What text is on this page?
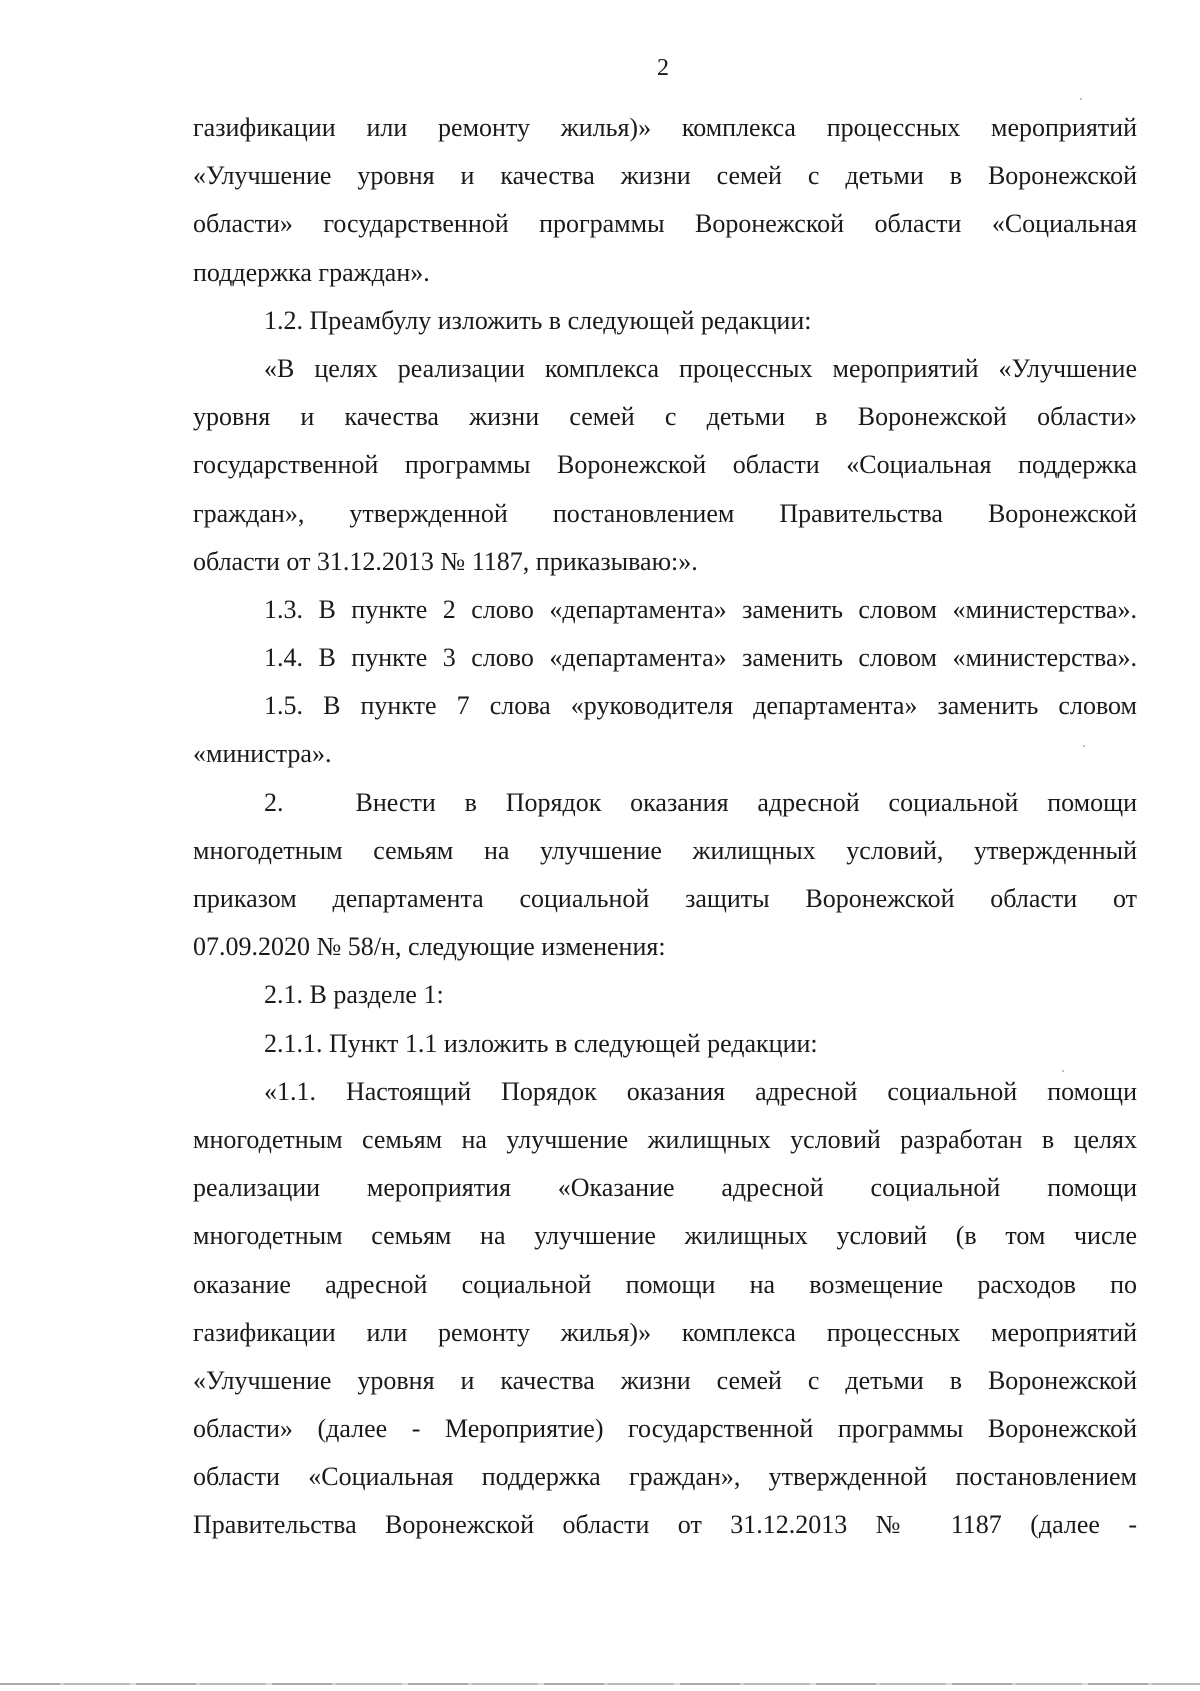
2
газификации или ремонту жилья)» комплекса процессных мероприятий
«Улучшение уровня и качества жизни семей с детьми в Воронежской
области» государственной программы Воронежской области «Социальная
поддержка граждан».
1.2. Преамбулу изложить в следующей редакции:
«В целях реализации комплекса процессных мероприятий «Улучшение
уровня и качества жизни семей с детьми в Воронежской области»
государственной программы Воронежской области «Социальная поддержка
граждан», утвержденной постановлением Правительства Воронежской
области от 31.12.2013 № 1187, приказываю:».
1.3. В пункте 2 слово «департамента» заменить словом «министерства».
1.4. В пункте 3 слово «департамента» заменить словом «министерства».
1.5. В пункте 7 слова «руководителя департамента» заменить словом
«министра».
2.	Внести в Порядок оказания адресной социальной помощи
многодетным семьям на улучшение жилищных условий, утвержденный
приказом департамента социальной защиты Воронежской области от
07.09.2020 № 58/н, следующие изменения:
2.1. В разделе 1:
2.1.1. Пункт 1.1 изложить в следующей редакции:
«1.1. Настоящий Порядок оказания адресной социальной помощи
многодетным семьям на улучшение жилищных условий разработан в целях
реализации мероприятия «Оказание адресной социальной помощи
многодетным семьям на улучшение жилищных условий (в том числе
оказание адресной социальной помощи на возмещение расходов по
газификации или ремонту жилья)» комплекса процессных мероприятий
«Улучшение уровня и качества жизни семей с детьми в Воронежской
области» (далее - Мероприятие) государственной программы Воронежской
области «Социальная поддержка граждан», утвержденной постановлением
Правительства Воронежской области от 31.12.2013 № 1187 (далее -
